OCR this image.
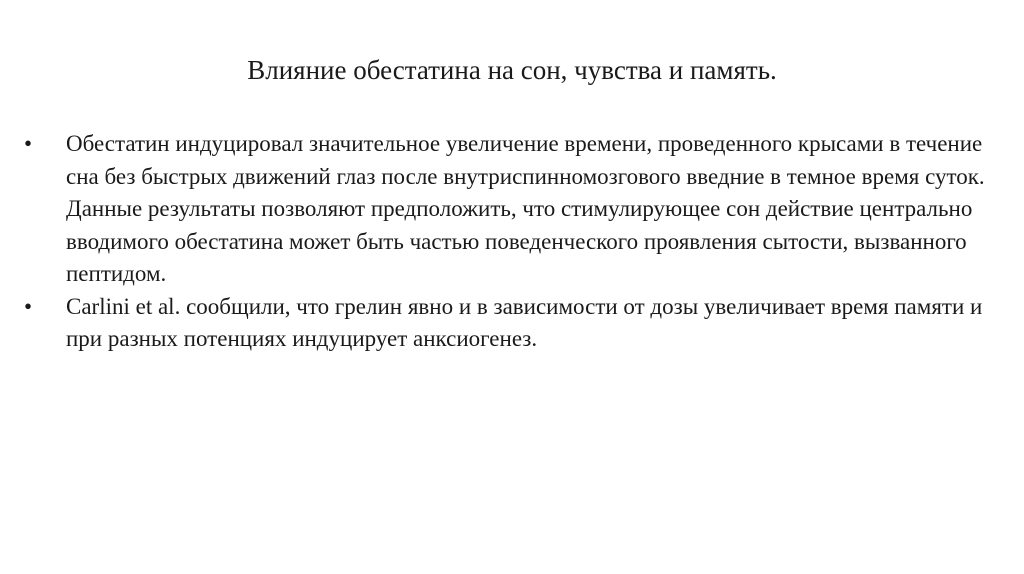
Влияние обестатина на сон, чувства и память.
•	Обестатин индуцировал значительное увеличение времени, проведенного крысами в течение сна без быстрых движений глаз после внутриспинномозгового введние в темное время суток. Данные результаты позволяют предположить, что стимулирующее сон действие центрально вводимого обестатина может быть частью поведенческого проявления сытости, вызванного пептидом.
•	Carlini et al. сообщили, что грелин явно и в зависимости от дозы увеличивает время памяти и при разных потенциях индуцирует анксиогенез.
